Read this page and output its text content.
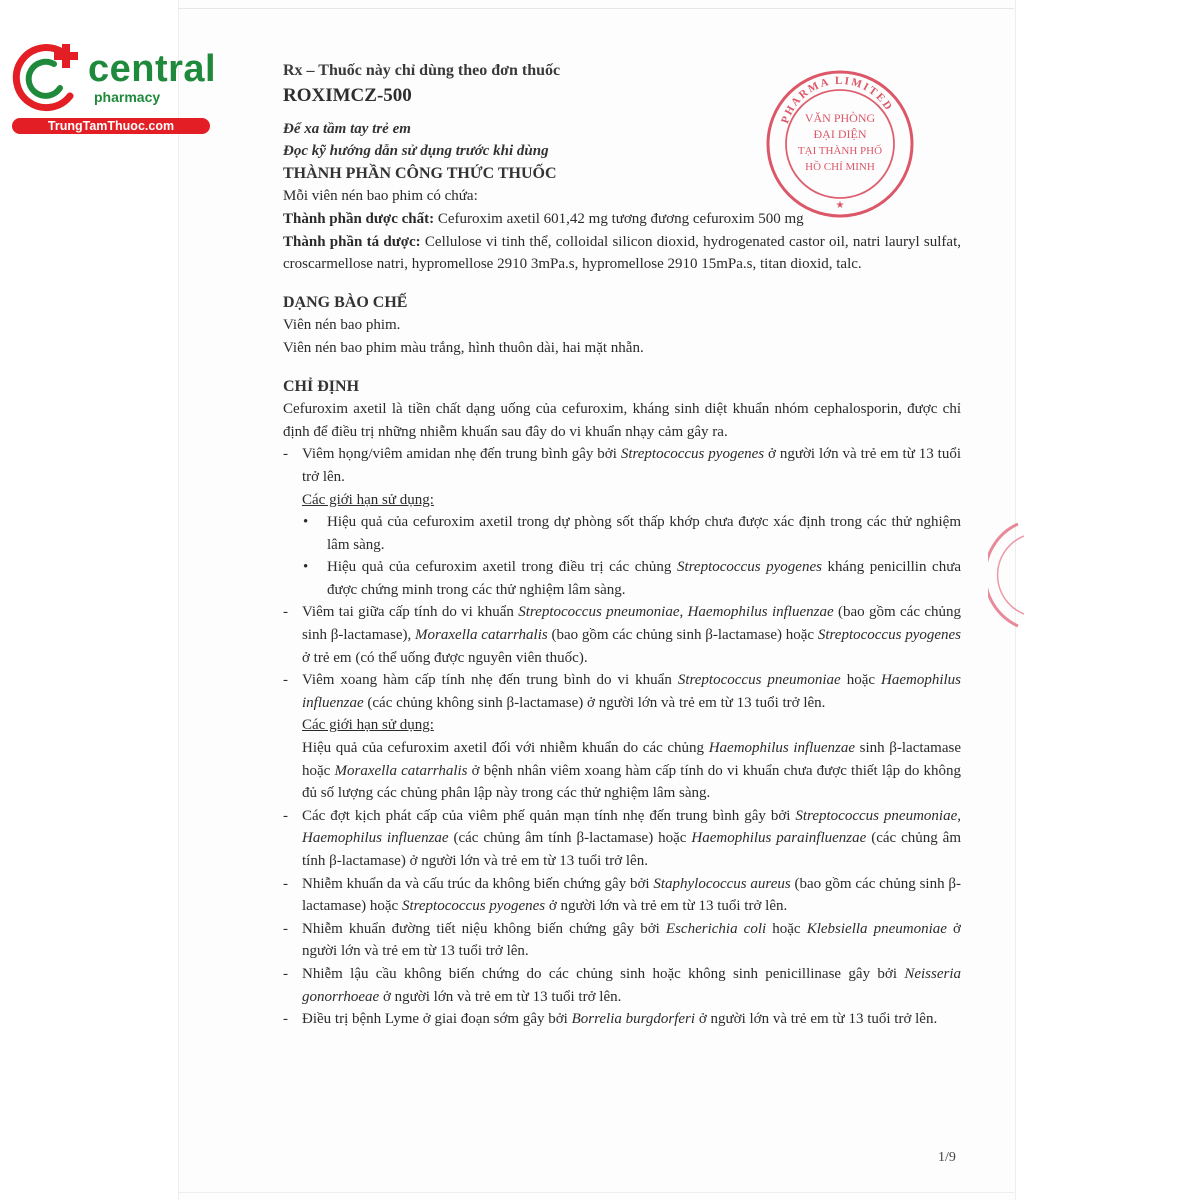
central
pharmacy
TrungTamThuoc.com
PHARMA LIMITED
VĂN PHÒNG
ĐẠI DIỆN
TẠI THÀNH PHỐ
HỒ CHÍ MINH
★

Rx – Thuốc này chỉ dùng theo đơn thuốc

ROXIMCZ-500

Để xa tầm tay trẻ em

Đọc kỹ hướng dẫn sử dụng trước khi dùng

THÀNH PHẦN CÔNG THỨC THUỐC

Mỗi viên nén bao phim có chứa:

Thành phần dược chất: Cefuroxim axetil 601,42 mg tương đương cefuroxim 500 mg

Thành phần tá dược: Cellulose vi tinh thể, colloidal silicon dioxid, hydrogenated castor oil, natri lauryl sulfat, croscarmellose natri, hypromellose 2910 3mPa.s, hypromellose 2910 15mPa.s, titan dioxid, talc.

DẠNG BÀO CHẾ

Viên nén bao phim.

Viên nén bao phim màu trắng, hình thuôn dài, hai mặt nhẵn.

CHỈ ĐỊNH

Cefuroxim axetil là tiền chất dạng uống của cefuroxim, kháng sinh diệt khuẩn nhóm cephalosporin, được chỉ định để điều trị những nhiễm khuẩn sau đây do vi khuẩn nhạy cảm gây ra.

- Viêm họng/viêm amidan nhẹ đến trung bình gây bởi Streptococcus pyogenes ở người lớn và trẻ em từ 13 tuổi trở lên.

Các giới hạn sử dụng:

• Hiệu quả của cefuroxim axetil trong dự phòng sốt thấp khớp chưa được xác định trong các thử nghiệm lâm sàng.

• Hiệu quả của cefuroxim axetil trong điều trị các chủng Streptococcus pyogenes kháng penicillin chưa được chứng minh trong các thử nghiệm lâm sàng.

- Viêm tai giữa cấp tính do vi khuẩn Streptococcus pneumoniae, Haemophilus influenzae (bao gồm các chủng sinh β-lactamase), Moraxella catarrhalis (bao gồm các chủng sinh β-lactamase) hoặc Streptococcus pyogenes ở trẻ em (có thể uống được nguyên viên thuốc).

- Viêm xoang hàm cấp tính nhẹ đến trung bình do vi khuẩn Streptococcus pneumoniae hoặc Haemophilus influenzae (các chủng không sinh β-lactamase) ở người lớn và trẻ em từ 13 tuổi trở lên.

Các giới hạn sử dụng:

Hiệu quả của cefuroxim axetil đối với nhiễm khuẩn do các chủng Haemophilus influenzae sinh β-lactamase hoặc Moraxella catarrhalis ở bệnh nhân viêm xoang hàm cấp tính do vi khuẩn chưa được thiết lập do không đủ số lượng các chủng phân lập này trong các thử nghiệm lâm sàng.

- Các đợt kịch phát cấp của viêm phế quản mạn tính nhẹ đến trung bình gây bởi Streptococcus pneumoniae, Haemophilus influenzae (các chủng âm tính β-lactamase) hoặc Haemophilus parainfluenzae (các chủng âm tính β-lactamase) ở người lớn và trẻ em từ 13 tuổi trở lên.

- Nhiễm khuẩn da và cấu trúc da không biến chứng gây bởi Staphylococcus aureus (bao gồm các chủng sinh β-lactamase) hoặc Streptococcus pyogenes ở người lớn và trẻ em từ 13 tuổi trở lên.

- Nhiễm khuẩn đường tiết niệu không biến chứng gây bởi Escherichia coli hoặc Klebsiella pneumoniae ở người lớn và trẻ em từ 13 tuổi trở lên.

- Nhiễm lậu cầu không biến chứng do các chủng sinh hoặc không sinh penicillinase gây bởi Neisseria gonorrhoeae ở người lớn và trẻ em từ 13 tuổi trở lên.

- Điều trị bệnh Lyme ở giai đoạn sớm gây bởi Borrelia burgdorferi ở người lớn và trẻ em từ 13 tuổi trở lên.

1/9
